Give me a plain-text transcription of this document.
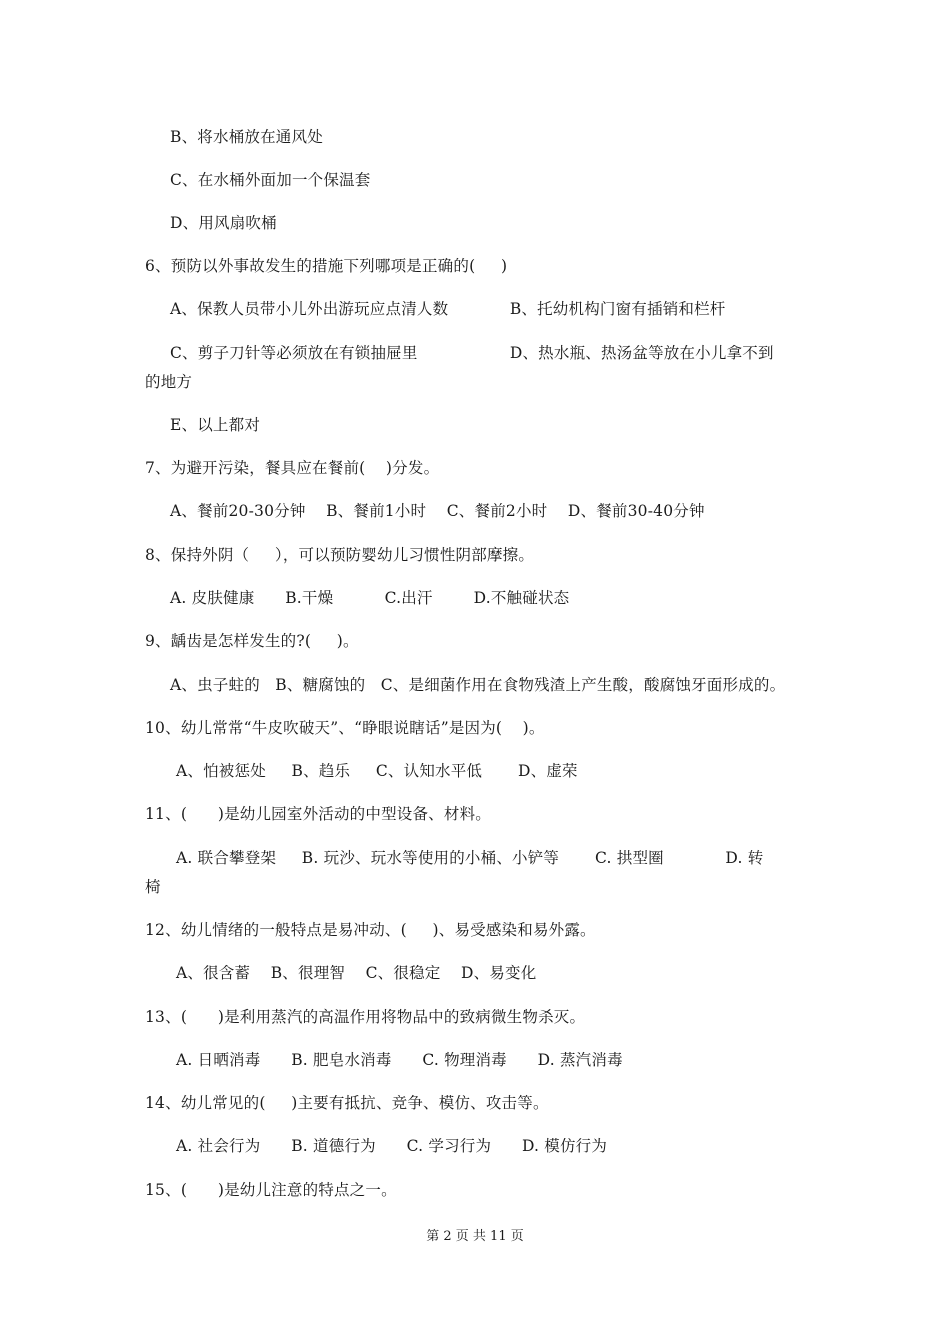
B、将水桶放在通风处
C、在水桶外面加一个保温套
D、用风扇吹桶
6、预防以外事故发生的措施下列哪项是正确的(     )
A、保教人员带小儿外出游玩应点清人数            B、托幼机构门窗有插销和栏杆
C、剪子刀针等必须放在有锁抽屉里                  D、热水瓶、热汤盆等放在小儿拿不到
的地方
E、以上都对
7、为避开污染，餐具应在餐前(    )分发。
A、餐前20-30分钟    B、餐前1小时    C、餐前2小时    D、餐前30-40分钟
8、保持外阴（     ），可以预防婴幼儿习惯性阴部摩擦。
A. 皮肤健康      B.干燥          C.出汗        D.不触碰状态
9、龋齿是怎样发生的?(     )。
A、虫子蛀的   B、糖腐蚀的   C、是细菌作用在食物残渣上产生酸，酸腐蚀牙面形成的。
10、幼儿常常“牛皮吹破天”、“睁眼说瞎话”是因为(    )。
A、怕被惩处     B、趋乐     C、认知水平低       D、虚荣
11、(      )是幼儿园室外活动的中型设备、材料。
A. 联合攀登架     B. 玩沙、玩水等使用的小桶、小铲等       C. 拱型圈            D. 转
椅
12、幼儿情绪的一般特点是易冲动、(     )、易受感染和易外露。
A、很含蓄    B、很理智    C、很稳定    D、易变化
13、(      )是利用蒸汽的高温作用将物品中的致病微生物杀灭。
A. 日晒消毒      B. 肥皂水消毒      C. 物理消毒      D. 蒸汽消毒
14、幼儿常见的(     )主要有抵抗、竞争、模仿、攻击等。
A. 社会行为      B. 道德行为      C. 学习行为      D. 模仿行为
15、(      )是幼儿注意的特点之一。
第 2 页 共 11 页
